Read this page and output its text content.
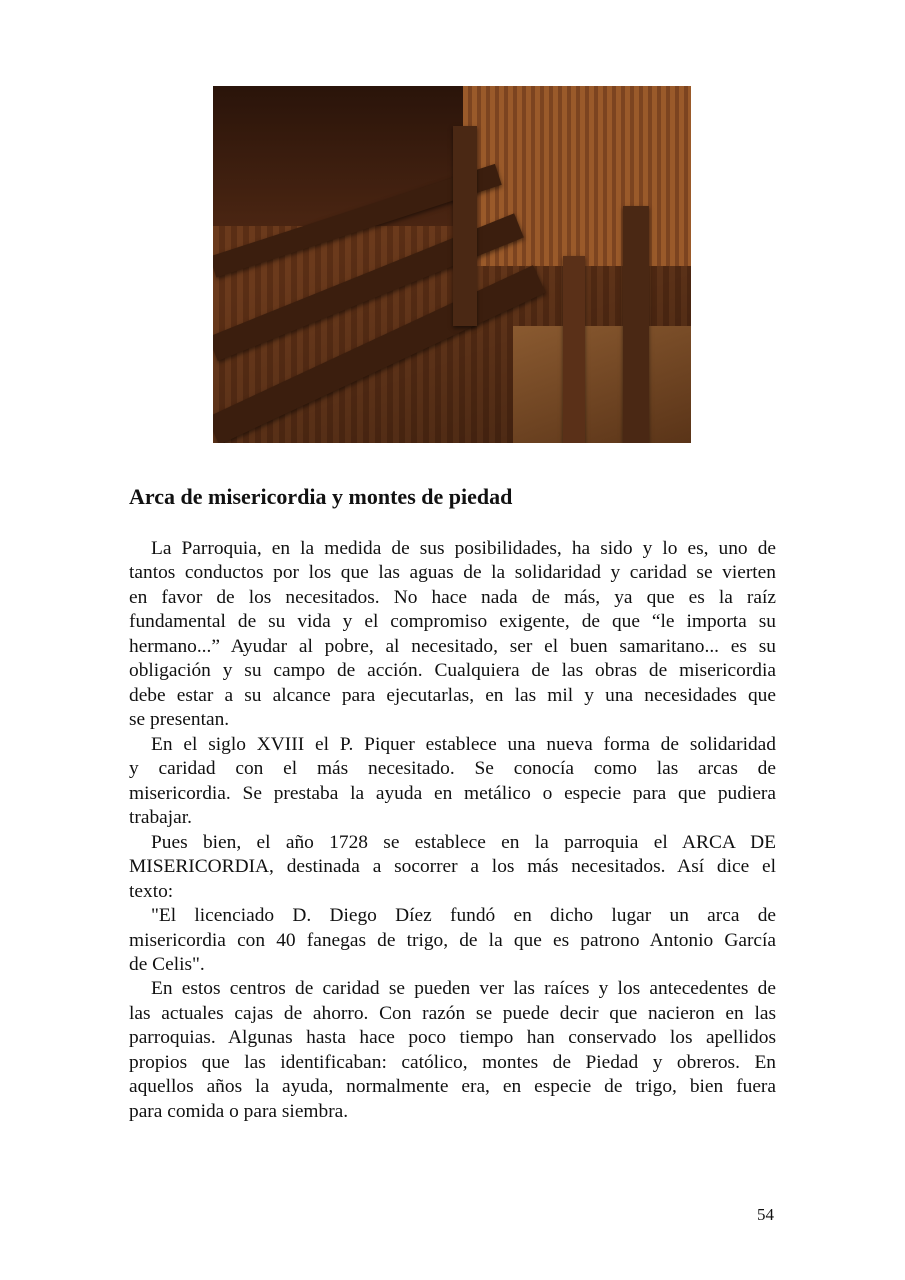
Arca de misericordia y montes de piedad
La Parroquia, en la medida de sus posibilidades, ha sido y lo es, uno de
tantos conductos por los que las aguas de la solidaridad y caridad se vierten
en favor de los necesitados. No hace nada de más, ya que es la raíz
fundamental de su vida y el compromiso exigente, de que “le importa su
hermano...” Ayudar al pobre, al necesitado, ser el buen samaritano... es su
obligación y su campo de acción. Cualquiera de las obras de misericordia
debe estar a su alcance para ejecutarlas, en las mil y una necesidades que
se presentan.
En el siglo XVIII el P. Piquer establece una nueva forma de solidaridad
y caridad con el más necesitado. Se conocía como las arcas de
misericordia. Se prestaba la ayuda en metálico o especie para que pudiera
trabajar.
Pues bien, el año 1728 se establece en la parroquia el ARCA DE
MISERICORDIA, destinada a socorrer a los más necesitados. Así dice el
texto:
"El licenciado D. Diego Díez fundó en dicho lugar un arca de
misericordia con 40 fanegas de trigo, de la que es patrono Antonio García
de Celis".
En estos centros de caridad se pueden ver las raíces y los antecedentes de
las actuales cajas de ahorro. Con razón se puede decir que nacieron en las
parroquias. Algunas hasta hace poco tiempo han conservado los apellidos
propios que las identificaban: católico, montes de Piedad y obreros. En
aquellos años la ayuda, normalmente era, en especie de trigo, bien fuera
para comida o para siembra.
54
